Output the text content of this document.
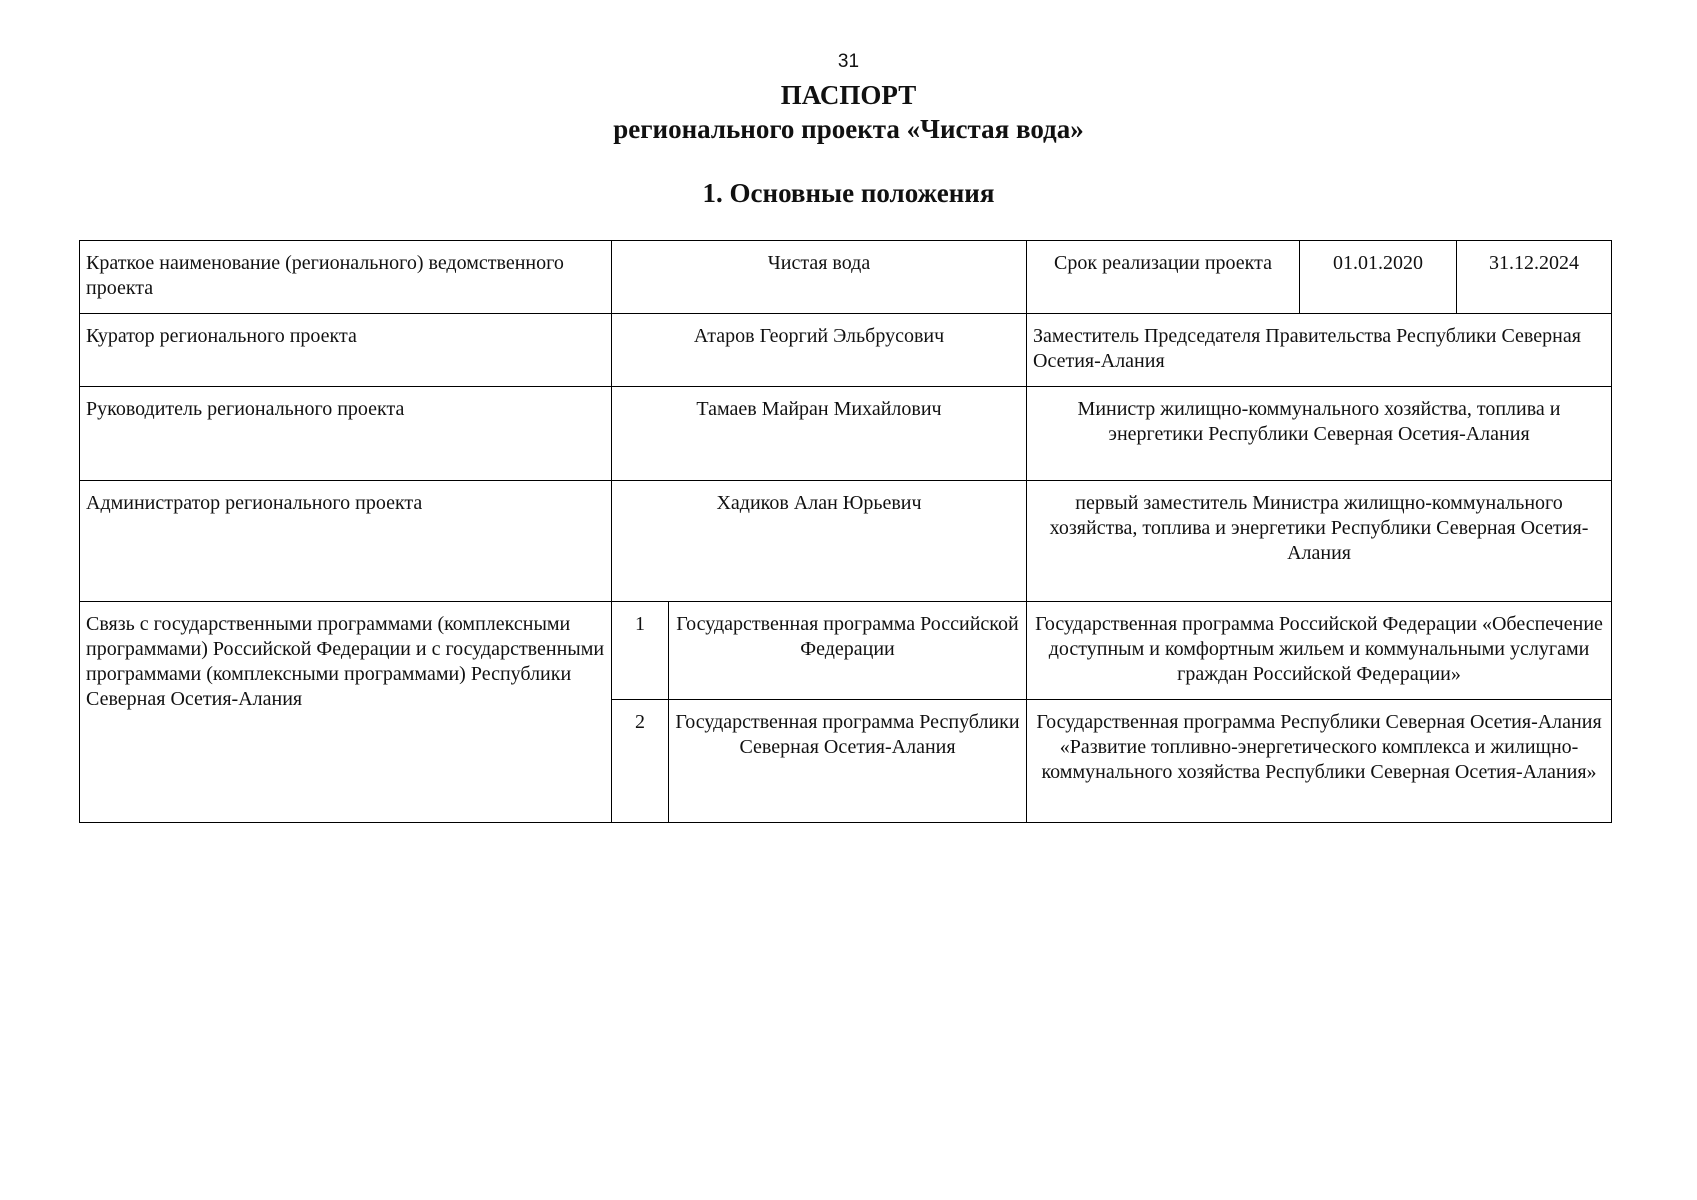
31
ПАСПОРТ
регионального проекта «Чистая вода»
1. Основные положения
Краткое наименование (регионального) ведомственного проекта	Чистая вода		Срок реализации проекта	01.01.2020	31.12.2024
Куратор регионального проекта	Атаров Георгий Эльбрусович		Заместитель Председателя Правительства Республики Северная Осетия-Алания		
Руководитель регионального проекта	Тамаев Майран Михайлович		Министр жилищно-коммунального хозяйства, топлива и энергетики Республики Северная Осетия-Алания		
Администратор регионального проекта	Хадиков Алан Юрьевич		первый заместитель Министра жилищно-коммунального хозяйства, топлива и энергетики Республики Северная Осетия-Алания		
Связь с государственными программами (комплексными программами) Российской Федерации и с государственными программами (комплексными программами) Республики Северная Осетия-Алания	1	Государственная программа Российской Федерации	Государственная программа Российской Федерации «Обеспечение доступным и комфортным жильем и коммунальными услугами граждан Российской Федерации»		
	2	Государственная программа Республики Северная Осетия-Алания	Государственная программа Республики Северная Осетия-Алания «Развитие топливно-энергетического комплекса и жилищно-коммунального хозяйства Республики Северная Осетия-Алания»		
